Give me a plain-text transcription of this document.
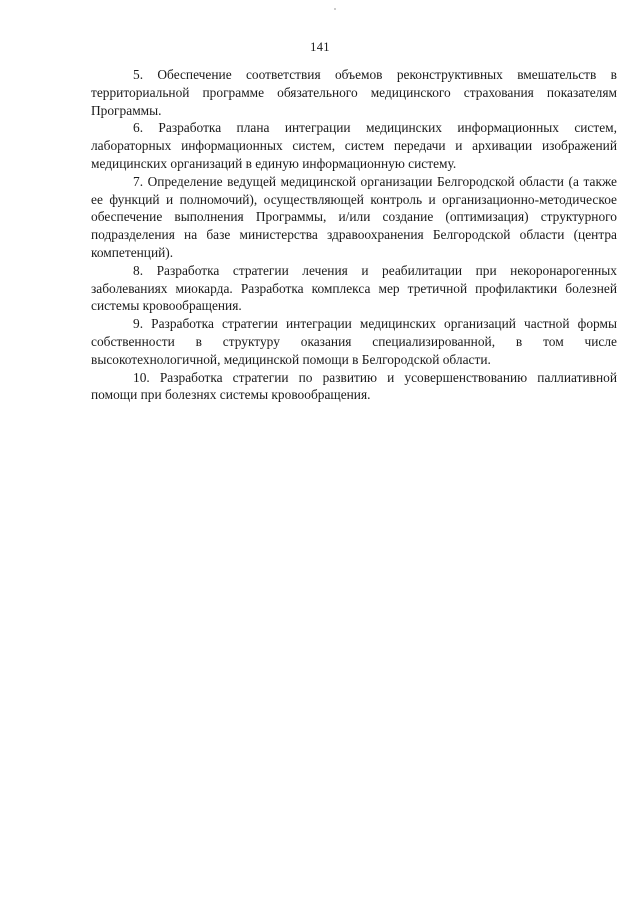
141

5. Обеспечение соответствия объемов реконструктивных вмешательств в территориальной программе обязательного медицинского страхования показателям Программы.

6. Разработка плана интеграции медицинских информационных систем, лабораторных информационных систем, систем передачи и архивации изображений медицинских организаций в единую информационную систему.

7. Определение ведущей медицинской организации Белгородской области (а также ее функций и полномочий), осуществляющей контроль и организационно-методическое обеспечение выполнения Программы, и/или создание (оптимизация) структурного подразделения на базе министерства здравоохранения Белгородской области (центра компетенций).

8. Разработка стратегии лечения и реабилитации при некоронарогенных заболеваниях миокарда. Разработка комплекса мер третичной профилактики болезней системы кровообращения.

9. Разработка стратегии интеграции медицинских организаций частной формы собственности в структуру оказания специализированной, в том числе высокотехнологичной, медицинской помощи в Белгородской области.

10. Разработка стратегии по развитию и усовершенствованию паллиативной помощи при болезнях системы кровообращения.
